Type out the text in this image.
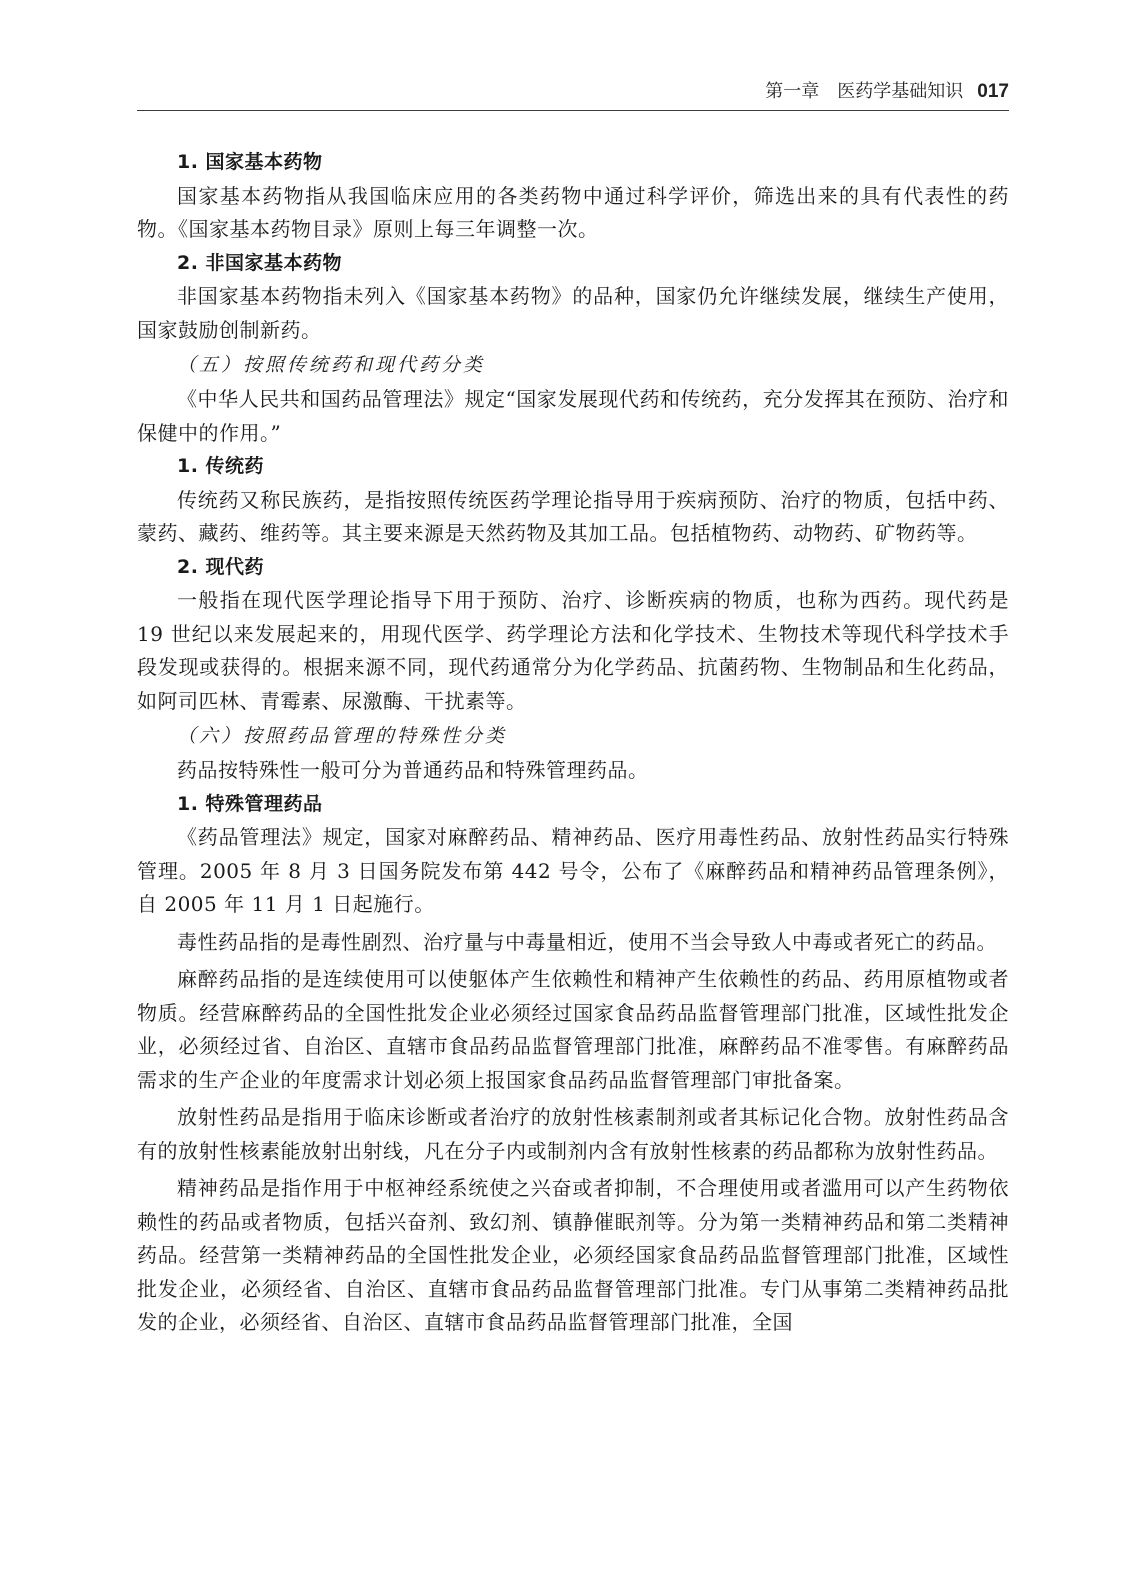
第一章 医药学基础知识 017
1. 国家基本药物

国家基本药物指从我国临床应用的各类药物中通过科学评价，筛选出来的具有代表性的药物。《国家基本药物目录》原则上每三年调整一次。

2. 非国家基本药物

非国家基本药物指未列入《国家基本药物》的品种，国家仍允许继续发展，继续生产使用，国家鼓励创制新药。

（五）按照传统药和现代药分类

《中华人民共和国药品管理法》规定“国家发展现代药和传统药，充分发挥其在预防、治疗和保健中的作用。”

1. 传统药

传统药又称民族药，是指按照传统医药学理论指导用于疾病预防、治疗的物质，包括中药、蒙药、藏药、维药等。其主要来源是天然药物及其加工品。包括植物药、动物药、矿物药等。

2. 现代药

一般指在现代医学理论指导下用于预防、治疗、诊断疾病的物质，也称为西药。现代药是 19 世纪以来发展起来的，用现代医学、药学理论方法和化学技术、生物技术等现代科学技术手段发现或获得的。根据来源不同，现代药通常分为化学药品、抗菌药物、生物制品和生化药品，如阿司匹林、青霉素、尿激酶、干扰素等。

（六）按照药品管理的特殊性分类

药品按特殊性一般可分为普通药品和特殊管理药品。

1. 特殊管理药品

《药品管理法》规定，国家对麻醉药品、精神药品、医疗用毒性药品、放射性药品实行特殊管理。2005 年 8 月 3 日国务院发布第 442 号令，公布了《麻醉药品和精神药品管理条例》，自 2005 年 11 月 1 日起施行。

毒性药品指的是毒性剧烈、治疗量与中毒量相近，使用不当会导致人中毒或者死亡的药品。

麻醉药品指的是连续使用可以使躯体产生依赖性和精神产生依赖性的药品、药用原植物或者物质。经营麻醉药品的全国性批发企业必须经过国家食品药品监督管理部门批准，区域性批发企业，必须经过省、自治区、直辖市食品药品监督管理部门批准，麻醉药品不准零售。有麻醉药品需求的生产企业的年度需求计划必须上报国家食品药品监督管理部门审批备案。

放射性药品是指用于临床诊断或者治疗的放射性核素制剂或者其标记化合物。放射性药品含有的放射性核素能放射出射线，凡在分子内或制剂内含有放射性核素的药品都称为放射性药品。

精神药品是指作用于中枢神经系统使之兴奋或者抑制，不合理使用或者滥用可以产生药物依赖性的药品或者物质，包括兴奋剂、致幻剂、镇静催眠剂等。分为第一类精神药品和第二类精神药品。经营第一类精神药品的全国性批发企业，必须经国家食品药品监督管理部门批准，区域性批发企业，必须经省、自治区、直辖市食品药品监督管理部门批准。专门从事第二类精神药品批发的企业，必须经省、自治区、直辖市食品药品监督管理部门批准，全国
